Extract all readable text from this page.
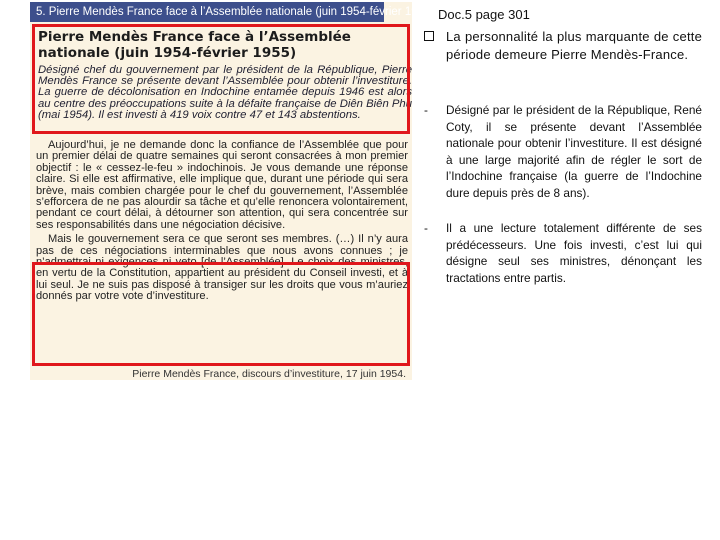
5. Pierre Mendès France face à l’Assemblée nationale (juin 1954-février 1955)
Pierre Mendès France face à l’Assemblée nationale (juin 1954-février 1955)
Désigné chef du gouvernement par le président de la République, Pierre Mendès France se présente devant l’Assemblée pour obtenir l’investiture. La guerre de décolonisation en Indochine entamée depuis 1946 est alors au centre des préoccupations suite à la défaite française de Diên Biên Phu (mai 1954). Il est investi à 419 voix contre 47 et 143 abstentions.

Aujourd’hui, je ne demande donc la confiance de l’Assemblée que pour un premier délai de quatre semaines qui seront consacrées à mon premier objectif : le « cessez-le-feu » indochinois. Je vous demande une réponse claire. Si elle est affirmative, elle implique que, durant une période qui sera brève, mais combien chargée pour le chef du gouvernement, l’Assemblée s’efforcera de ne pas alourdir sa tâche et qu’elle renoncera volontairement, pendant ce court délai, à détourner son attention, qui sera concentrée sur ses responsabilités dans une négociation décisive.

Mais le gouvernement sera ce que seront ses membres. (…) Il n’y aura pas de ces négociations interminables que nous avons connues ; je n’admettrai ni exigences ni veto [de l’Assemblée]. Le choix des ministres, en vertu de la Constitution, appartient au président du Conseil investi, et à lui seul. Je ne suis pas disposé à transiger sur les droits que vous m’auriez donnés par votre vote d’investiture.

Pierre Mendès France, discours d’investiture, 17 juin 1954.
Doc.5 page 301
La personnalité la plus marquante de cette période demeure Pierre Mendès-France.
-	Désigné par le président de la République, René Coty, il se présente devant l’Assemblée nationale pour obtenir l’investiture. Il est désigné à une large majorité afin de régler le sort de l’Indochine française (la guerre de l’Indochine dure depuis près de 8 ans).
-	Il a une lecture totalement différente de ses prédécesseurs. Une fois investi, c’est lui qui désigne seul ses ministres, dénonçant les tractations entre partis.
